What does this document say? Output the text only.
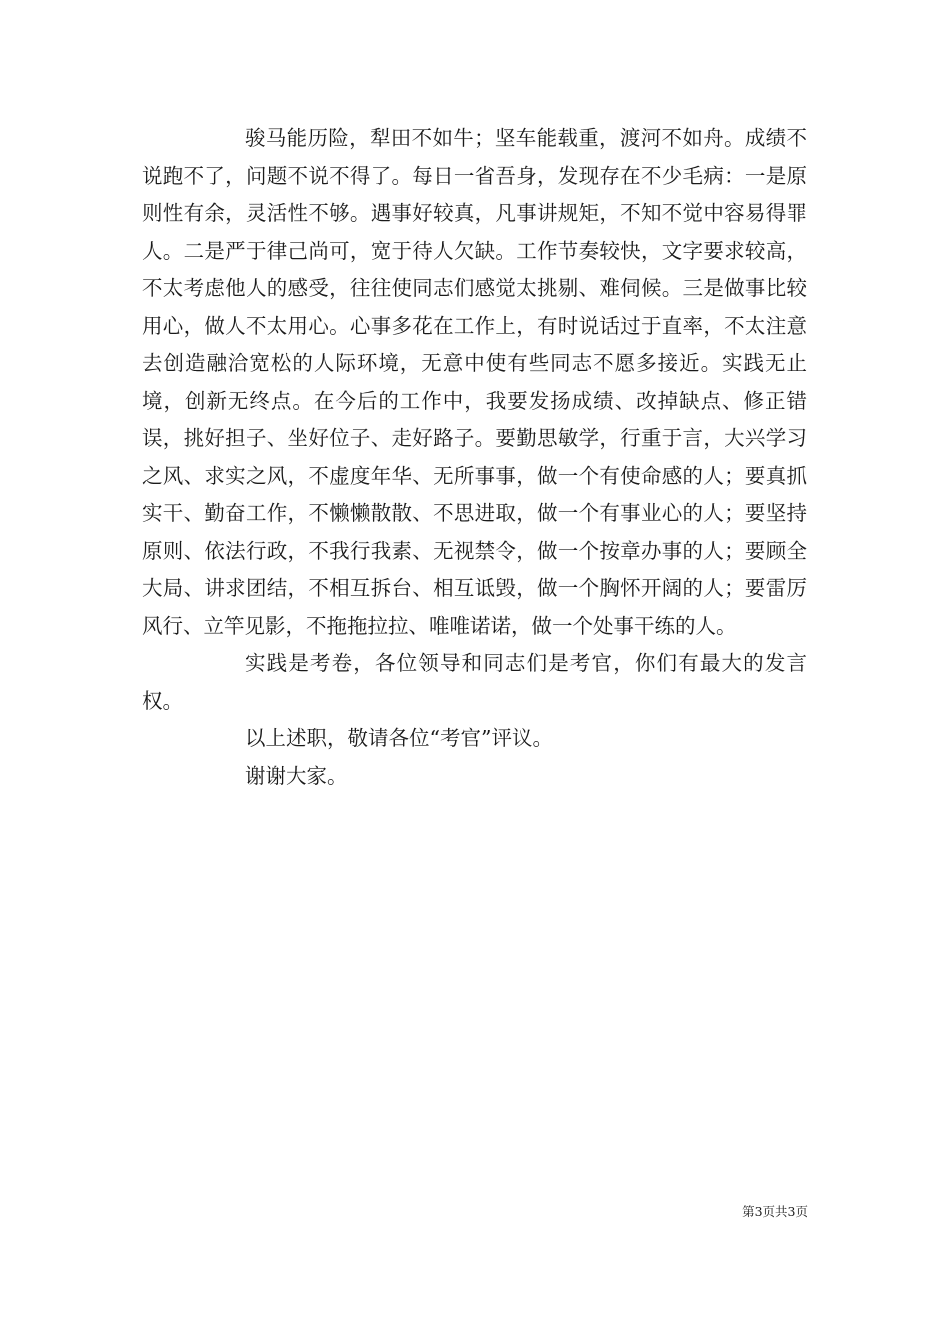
骏马能历险，犁田不如牛；坚车能载重，渡河不如舟。成绩不说跑不了，问题不说不得了。每日一省吾身，发现存在不少毛病：一是原则性有余，灵活性不够。遇事好较真，凡事讲规矩，不知不觉中容易得罪人。二是严于律己尚可，宽于待人欠缺。工作节奏较快，文字要求较高，不太考虑他人的感受，往往使同志们感觉太挑剔、难伺候。三是做事比较用心，做人不太用心。心事多花在工作上，有时说话过于直率，不太注意去创造融洽宽松的人际环境，无意中使有些同志不愿多接近。实践无止境，创新无终点。在今后的工作中，我要发扬成绩、改掉缺点、修正错误，挑好担子、坐好位子、走好路子。要勤思敏学，行重于言，大兴学习之风、求实之风，不虚度年华、无所事事，做一个有使命感的人；要真抓实干、勤奋工作，不懒懒散散、不思进取，做一个有事业心的人；要坚持原则、依法行政，不我行我素、无视禁令，做一个按章办事的人；要顾全大局、讲求团结，不相互拆台、相互诋毁，做一个胸怀开阔的人；要雷厉风行、立竿见影，不拖拖拉拉、唯唯诺诺，做一个处事干练的人。

实践是考卷，各位领导和同志们是考官，你们有最大的发言权。

以上述职，敬请各位“考官”评议。

谢谢大家。

第3页共3页
